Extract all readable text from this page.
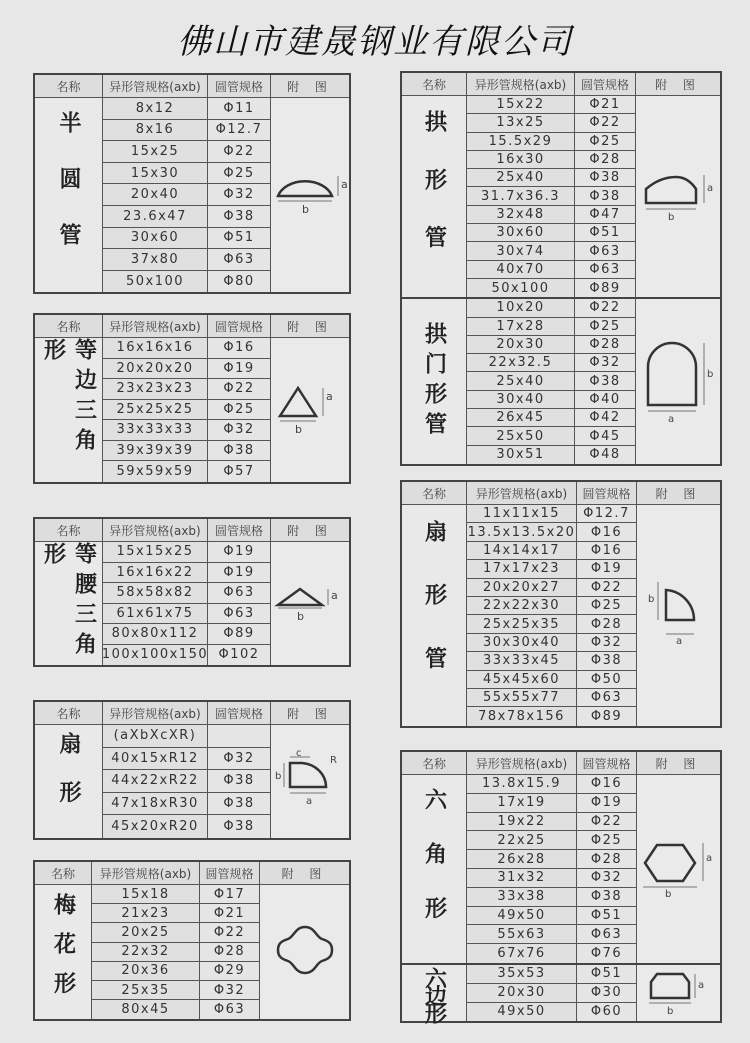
佛山市建晟钢业有限公司
名称	异形管规格(axb)	圆管规格	附 图
半圆管
8x12	Φ11
8x16	Φ12.7
15x25	Φ22
15x30	Φ25
20x40	Φ32
23.6x47	Φ38
30x60	Φ51
37x80	Φ63
50x100	Φ80
a
b
名称	异形管规格(axb)	圆管规格	附 图
等边三角形	16x16x16	Φ16
20x20x20	Φ19
23x23x23	Φ22
25x25x25	Φ25
33x33x33	Φ32
39x39x39	Φ38
59x59x59	Φ57
a
b
名称	异形管规格(axb)	圆管规格	附 图
等腰三角形	15x15x25	Φ19
16x16x22	Φ19
58x58x82	Φ63
61x61x75	Φ63
80x80x112	Φ89
100x100x150 Φ102
a
b
名称	异形管规格(axb)	圆管规格	附 图
扇形	(aXbXcXR)
40x15xR12	Φ32
44x22xR22	Φ38
47x18xR30	Φ38
45x20xR20	Φ38
c
R
b
a
名称	异形管规格(axb)	圆管规格	附 图
梅花形	15x18	Φ17
21x23	Φ21
20x25	Φ22
22x32	Φ28
20x36	Φ29
25x35	Φ32
80x45	Φ63
名称	异形管规格(axb)	圆管规格	附 图
拱形管
15x22	Φ21
13x25	Φ22
15.5x29	Φ25
16x30	Φ28
25x40	Φ38
31.7x36.3	Φ38
32x48	Φ47
30x60	Φ51
30x74	Φ63
40x70	Φ63
50x100	Φ89
a
b
拱门形管
10x20	Φ22
17x28	Φ25
20x30	Φ28
22x32.5	Φ32
25x40	Φ38
30x40	Φ40
26x45	Φ42
25x50	Φ45
30x51	Φ48
b
a
名称	异形管规格(axb)	圆管规格	附 图
扇形管
11x11x15	Φ12.7
13.5x13.5x20	Φ16
14x14x17	Φ16
17x17x23	Φ19
20x20x27	Φ22
22x22x30	Φ25
25x25x35	Φ28
30x30x40	Φ32
33x33x45	Φ38
45x45x60	Φ50
55x55x77	Φ63
78x78x156	Φ89
b
a
名称	异形管规格(axb)	圆管规格	附 图
六角形
13.8x15.9	Φ16
17x19	Φ19
19x22	Φ22
22x25	Φ25
26x28	Φ28
31x32	Φ32
33x38	Φ38
49x50	Φ51
55x63	Φ63
67x76	Φ76
a
b
六边形	35x53	Φ51
20x30	Φ30
49x50	Φ60
a
b
